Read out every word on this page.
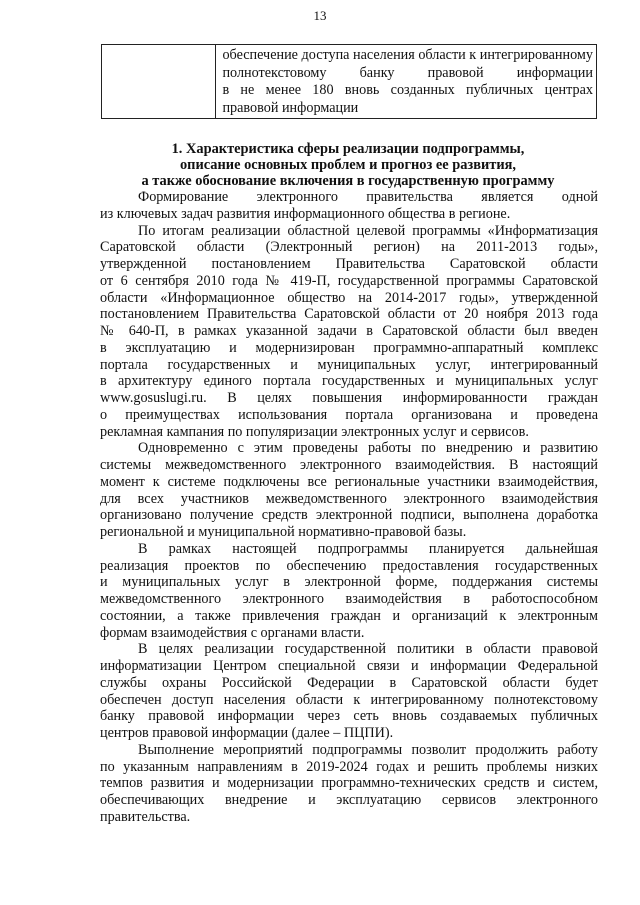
13

обеспечение доступа населения области к интегрированному
полнотекстовому банку правовой информации
в не менее 180 вновь созданных публичных центрах
правовой информации
1. Характеристика сферы реализации подпрограммы,
описание основных проблем и прогноз ее развития,
а также обоснование включения в государственную программу
Формирование электронного правительства является одной
из ключевых задач развития информационного общества в регионе.
По итогам реализации областной целевой программы «Информатизация
Саратовской области (Электронный регион) на 2011-2013 годы»,
утвержденной постановлением Правительства Саратовской области
от 6 сентября 2010 года № 419-П, государственной программы Саратовской
области «Информационное общество на 2014-2017 годы», утвержденной
постановлением Правительства Саратовской области от 20 ноября 2013 года
№ 640-П, в рамках указанной задачи в Саратовской области был введен
в эксплуатацию и модернизирован программно-аппаратный комплекс
портала государственных и муниципальных услуг, интегрированный
в архитектуру единого портала государственных и муниципальных услуг
www.gosuslugi.ru. В целях повышения информированности граждан
о преимуществах использования портала организована и проведена
рекламная кампания по популяризации электронных услуг и сервисов.
Одновременно с этим проведены работы по внедрению и развитию
системы межведомственного электронного взаимодействия. В настоящий
момент к системе подключены все региональные участники взаимодействия,
для всех участников межведомственного электронного взаимодействия
организовано получение средств электронной подписи, выполнена доработка
региональной и муниципальной нормативно-правовой базы.
В рамках настоящей подпрограммы планируется дальнейшая
реализация проектов по обеспечению предоставления государственных
и муниципальных услуг в электронной форме, поддержания системы
межведомственного электронного взаимодействия в работоспособном
состоянии, а также привлечения граждан и организаций к электронным
формам взаимодействия с органами власти.
В целях реализации государственной политики в области правовой
информатизации Центром специальной связи и информации Федеральной
службы охраны Российской Федерации в Саратовской области будет
обеспечен доступ населения области к интегрированному полнотекстовому
банку правовой информации через сеть вновь создаваемых публичных
центров правовой информации (далее – ПЦПИ).
Выполнение мероприятий подпрограммы позволит продолжить работу
по указанным направлениям в 2019-2024 годах и решить проблемы низких
темпов развития и модернизации программно-технических средств и систем,
обеспечивающих внедрение и эксплуатацию сервисов электронного
правительства.
